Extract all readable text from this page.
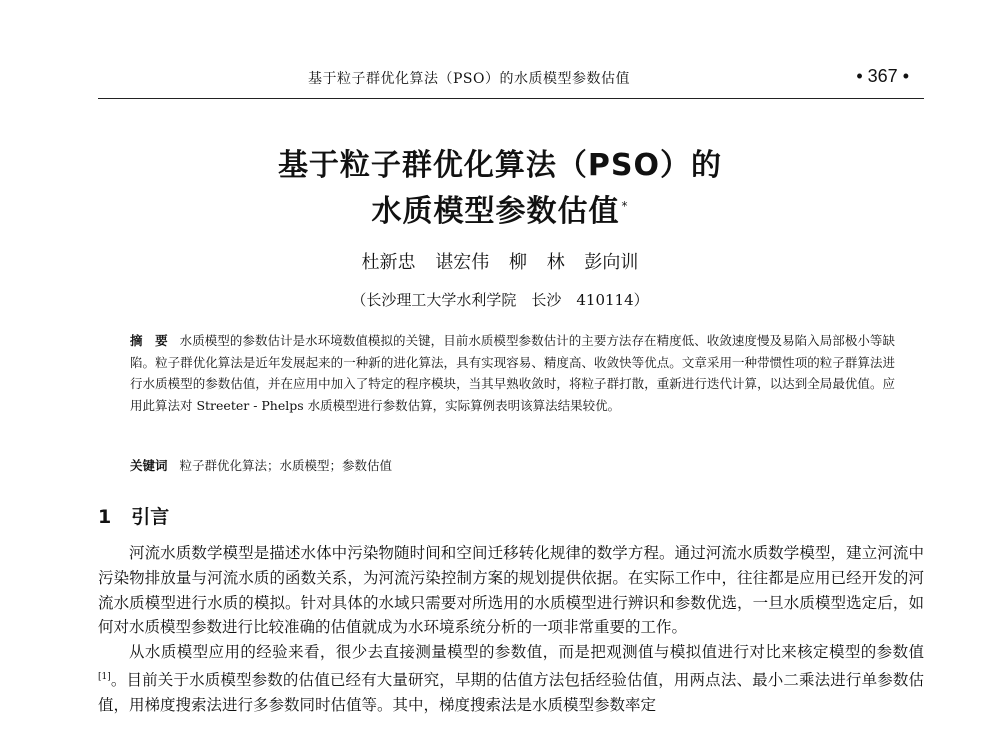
基于粒子群优化算法（PSO）的水质模型参数估值	• 367 •
基于粒子群优化算法（PSO）的
水质模型参数估值 *
杜新忠 谌宏伟 柳 林 彭向训
（长沙理工大学水利学院　长沙　410114）
摘　要 水质模型的参数估计是水环境数值模拟的关键，目前水质模型参数估计的主要方法存在精度低、收敛速度慢及易陷入局部极小等缺陷。粒子群优化算法是近年发展起来的一种新的进化算法，具有实现容易、精度高、收敛快等优点。文章采用一种带惯性项的粒子群算法进行水质模型的参数估值，并在应用中加入了特定的程序模块，当其早熟收敛时，将粒子群打散，重新进行迭代计算，以达到全局最优值。应用此算法对 Streeter - Phelps 水质模型进行参数估算，实际算例表明该算法结果较优。
关键词 粒子群优化算法；水质模型；参数估值
1 引言

河流水质数学模型是描述水体中污染物随时间和空间迁移转化规律的数学方程。通过河流水质数学模型，建立河流中污染物排放量与河流水质的函数关系，为河流污染控制方案的规划提供依据。在实际工作中，往往都是应用已经开发的河流水质模型进行水质的模拟。针对具体的水域只需要对所选用的水质模型进行辨识和参数优选，一旦水质模型选定后，如何对水质模型参数进行比较准确的估值就成为水环境系统分析的一项非常重要的工作。

从水质模型应用的经验来看，很少去直接测量模型的参数值，而是把观测值与模拟值进行对比来核定模型的参数值[1]。目前关于水质模型参数的估值已经有大量研究，早期的估值方法包括经验估值，用两点法、最小二乘法进行单参数估值，用梯度搜索法进行多参数同时估值等。其中，梯度搜索法是水质模型参数率定
